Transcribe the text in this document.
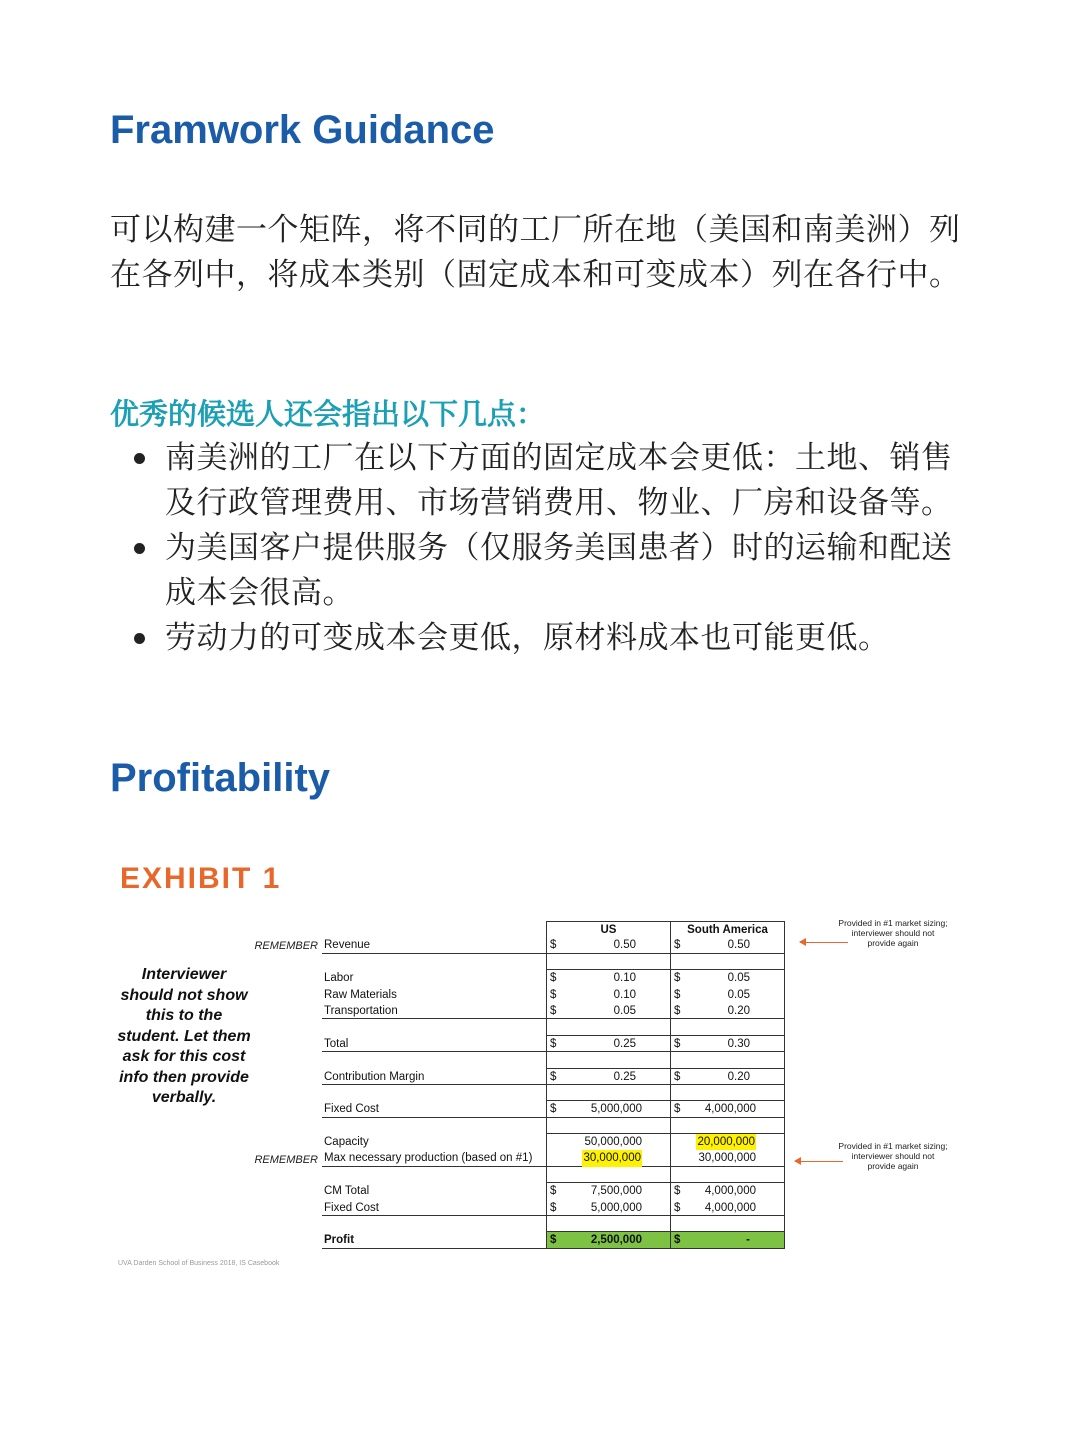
Framwork Guidance
可以构建一个矩阵，将不同的工厂所在地（美国和南美洲）列在各列中，将成本类别（固定成本和可变成本）列在各行中。
优秀的候选人还会指出以下几点：
南美洲的工厂在以下方面的固定成本会更低：土地、销售及行政管理费用、市场营销费用、物业、厂房和设备等。
为美国客户提供服务（仅服务美国患者）时的运输和配送成本会很高。
劳动力的可变成本会更低，原材料成本也可能更低。
Profitability
EXHIBIT 1
Interviewer should not show this to the student. Let them ask for this cost info then provide verbally.
REMEMBER
REMEMBER
Provided in #1 market sizing; interviewer should not provide again
Provided in #1 market sizing; interviewer should not provide again
US	South America
Revenue	$	0.50	$	0.50
Labor	$	0.10	$	0.05
Raw Materials	$	0.10	$	0.05
Transportation	$	0.05	$	0.20
Total	$	0.25	$	0.30
Contribution Margin	$	0.25	$	0.20
Fixed Cost	$	5,000,000	$ 4,000,000
Capacity	50,000,000	20,000,000
Max necessary production (based on #1)	30,000,000	30,000,000
CM Total	$	7,500,000	$ 4,000,000
Fixed Cost	$	5,000,000	$ 4,000,000
Profit	$	2,500,000	$	-
UVA Darden School of Business 2018, IS Casebook
